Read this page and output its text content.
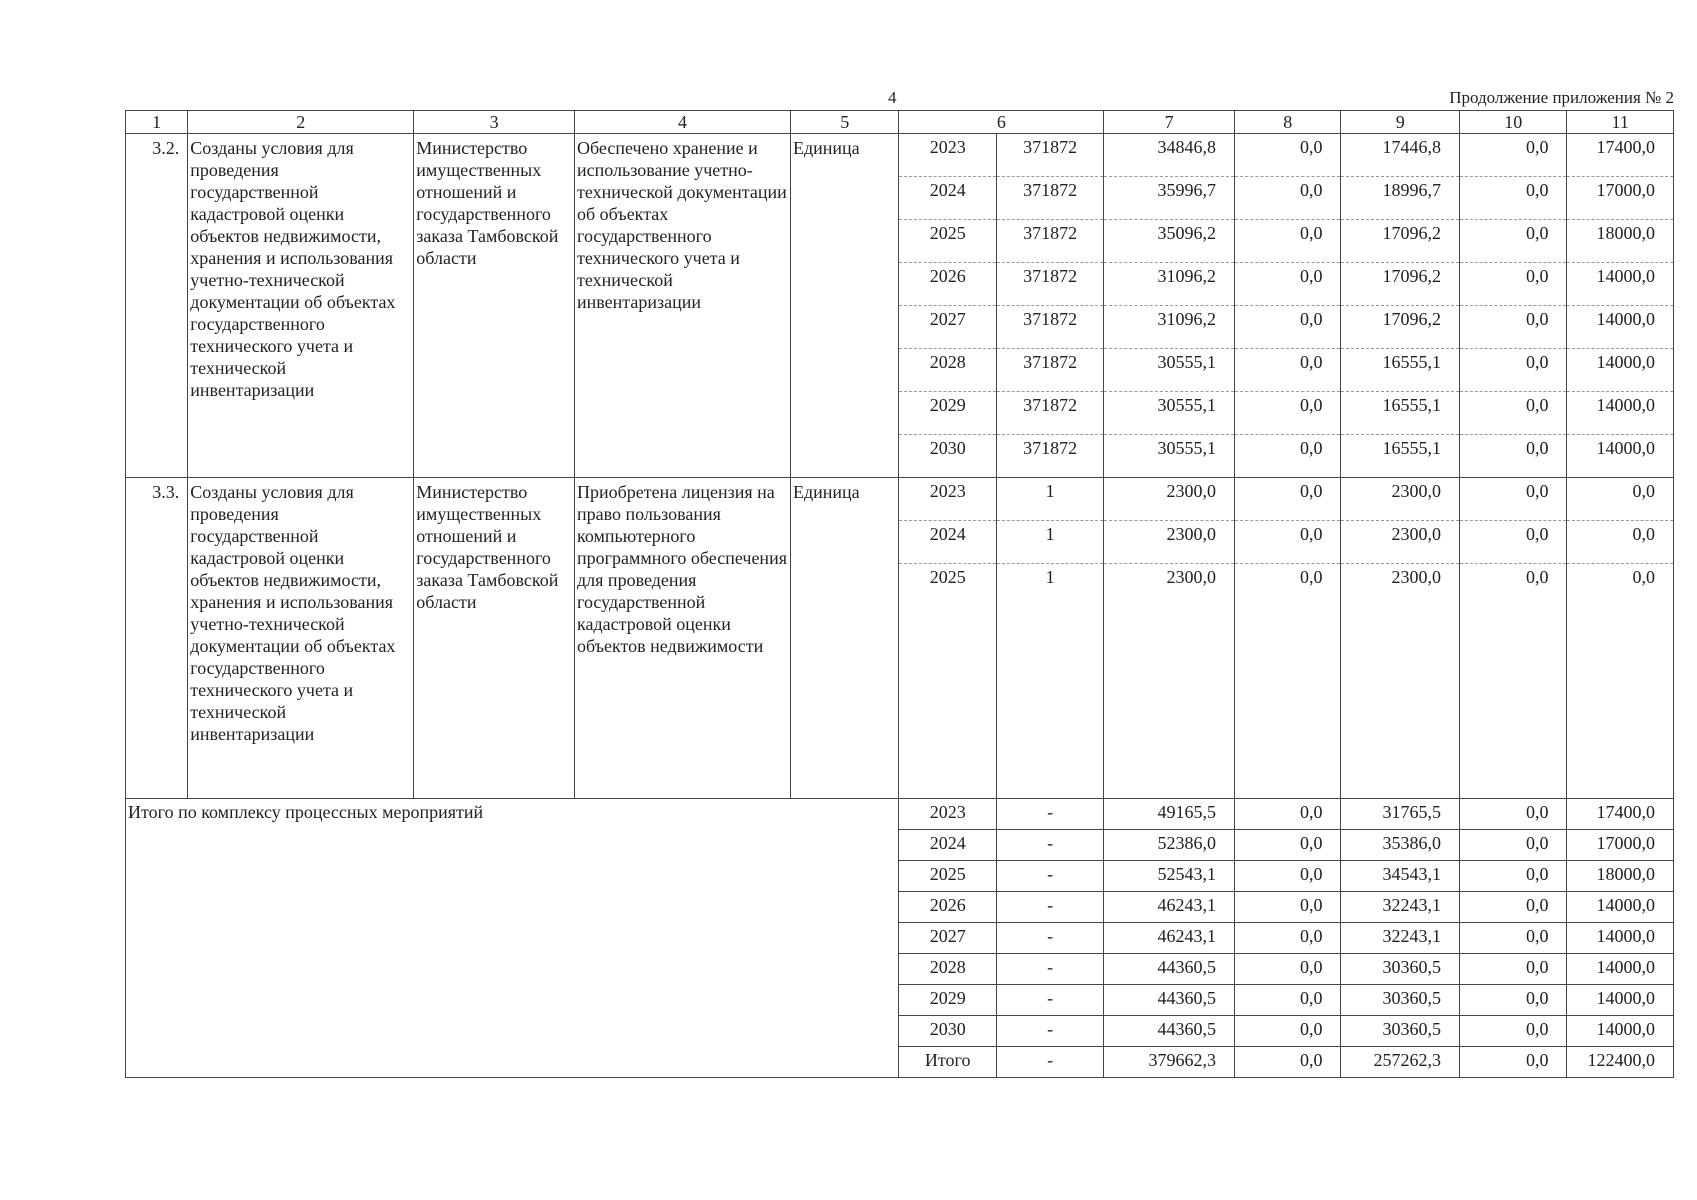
4	Продолжение приложения № 2
1	2	3	4	5	6		7	8	9	10	11
3.2.	Созданы условия для проведения государственной кадастровой оценки объектов недвижимости, хранения и использования учетно-технической документации об объектах государственного технического учета и технической инвентаризации	Министерство имущественных отношений и государственного заказа Тамбовской области	Обеспечено хранение и использование учетно-технической документации об объектах государственного технического учета и технической инвентаризации	Единица	2023	371872	34846,8	0,0	17446,8	0,0	17400,0
					2024	371872	35996,7	0,0	18996,7	0,0	17000,0
					2025	371872	35096,2	0,0	17096,2	0,0	18000,0
					2026	371872	31096,2	0,0	17096,2	0,0	14000,0
					2027	371872	31096,2	0,0	17096,2	0,0	14000,0
					2028	371872	30555,1	0,0	16555,1	0,0	14000,0
					2029	371872	30555,1	0,0	16555,1	0,0	14000,0
					2030	371872	30555,1	0,0	16555,1	0,0	14000,0
3.3.	Созданы условия для проведения государственной кадастровой оценки объектов недвижимости, хранения и использования учетно-технической документации об объектах государственного технического учета и технической инвентаризации	Министерство имущественных отношений и государственного заказа Тамбовской области	Приобретена лицензия на право пользования компьютерного программного обеспечения для проведения государственной кадастровой оценки объектов недвижимости	Единица	2023	1	2300,0	0,0	2300,0	0,0	0,0
					2024	1	2300,0	0,0	2300,0	0,0	0,0
					2025	1	2300,0	0,0	2300,0	0,0	0,0
Итого по комплексу процессных мероприятий					2023	-	49165,5	0,0	31765,5	0,0	17400,0
					2024	-	52386,0	0,0	35386,0	0,0	17000,0
					2025	-	52543,1	0,0	34543,1	0,0	18000,0
					2026	-	46243,1	0,0	32243,1	0,0	14000,0
					2027	-	46243,1	0,0	32243,1	0,0	14000,0
					2028	-	44360,5	0,0	30360,5	0,0	14000,0
					2029	-	44360,5	0,0	30360,5	0,0	14000,0
					2030	-	44360,5	0,0	30360,5	0,0	14000,0
					Итого	-	379662,3	0,0	257262,3	0,0	122400,0
